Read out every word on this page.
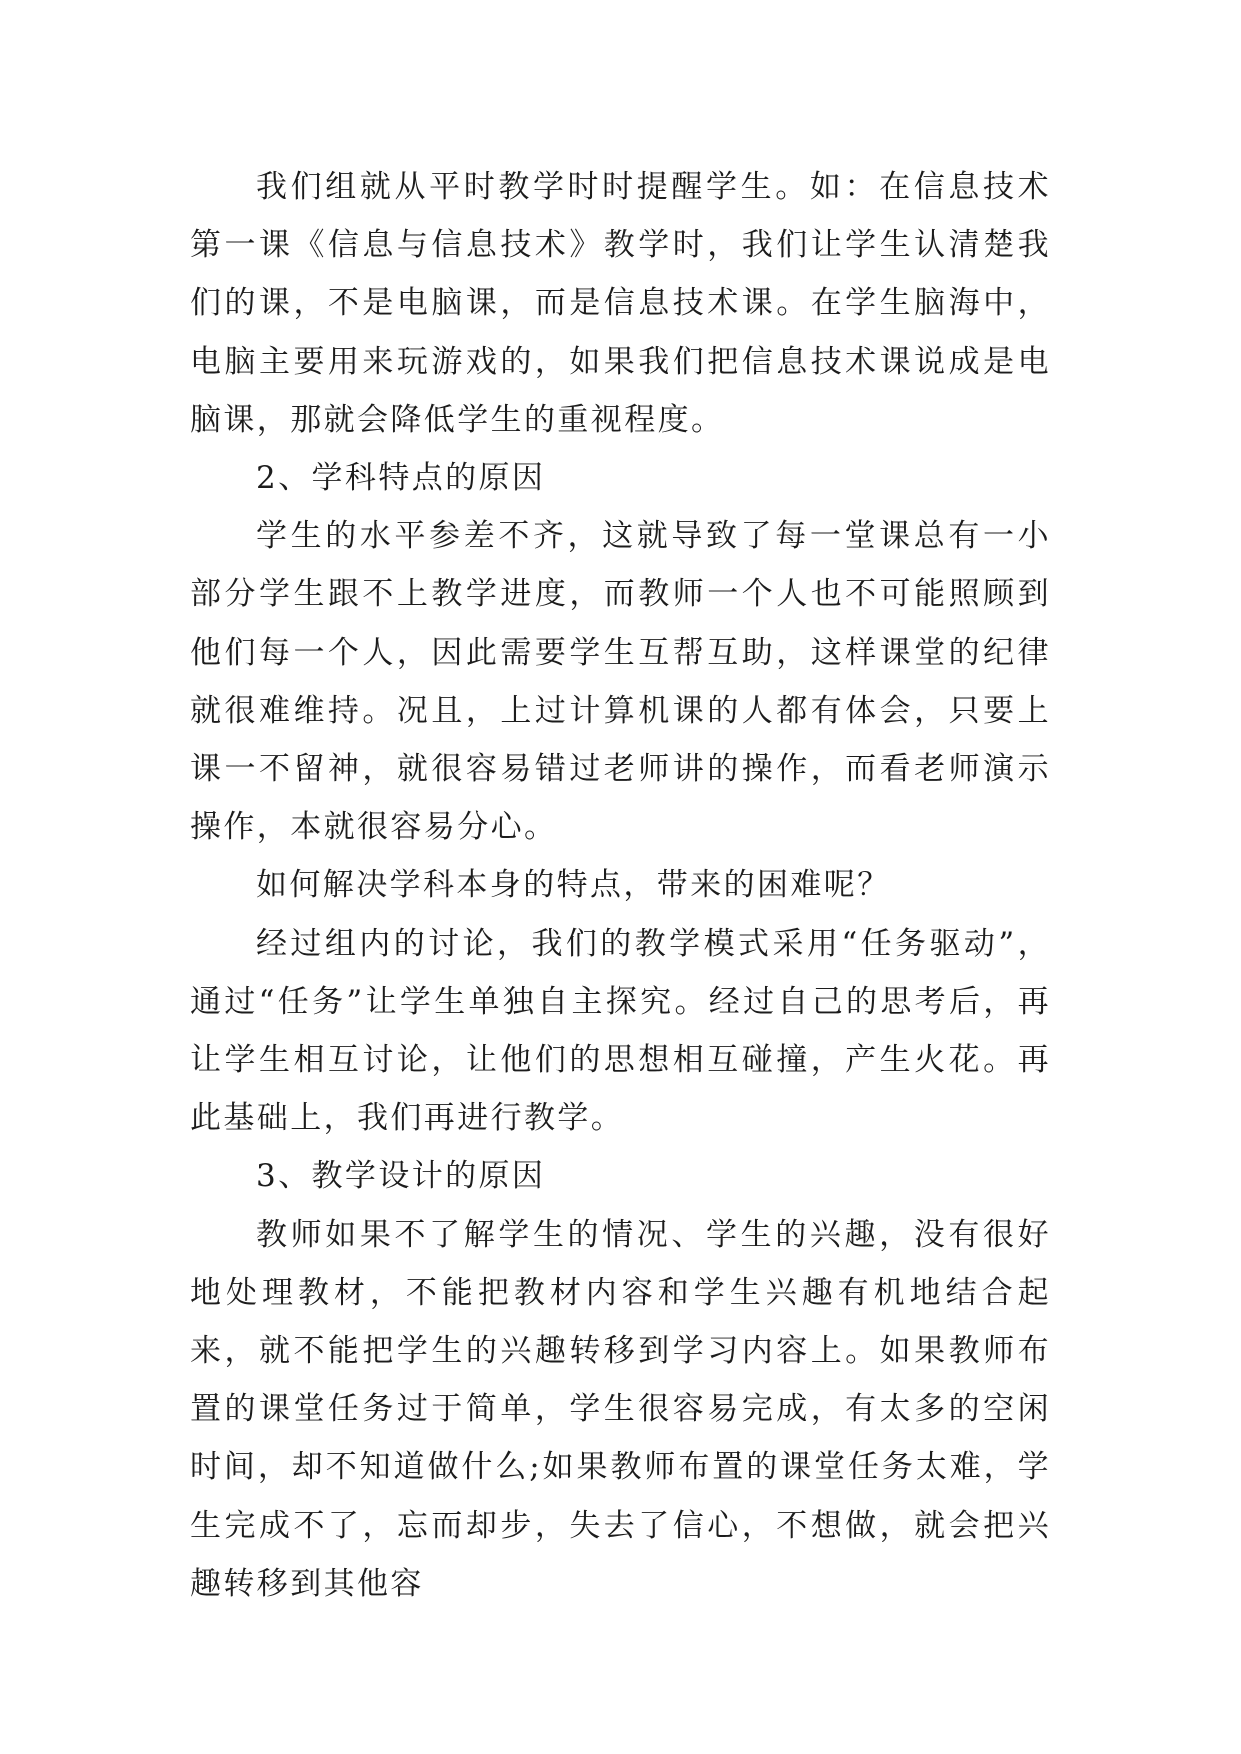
我们组就从平时教学时时提醒学生。如：在信息技术第一课《信息与信息技术》教学时，我们让学生认清楚我们的课，不是电脑课，而是信息技术课。在学生脑海中，电脑主要用来玩游戏的，如果我们把信息技术课说成是电脑课，那就会降低学生的重视程度。

2、学科特点的原因

学生的水平参差不齐，这就导致了每一堂课总有一小部分学生跟不上教学进度，而教师一个人也不可能照顾到他们每一个人，因此需要学生互帮互助，这样课堂的纪律就很难维持。况且，上过计算机课的人都有体会，只要上课一不留神，就很容易错过老师讲的操作，而看老师演示操作，本就很容易分心。

如何解决学科本身的特点，带来的困难呢？

经过组内的讨论，我们的教学模式采用“任务驱动”，通过“任务”让学生单独自主探究。经过自己的思考后，再让学生相互讨论，让他们的思想相互碰撞，产生火花。再此基础上，我们再进行教学。

3、教学设计的原因

教师如果不了解学生的情况、学生的兴趣，没有很好地处理教材，不能把教材内容和学生兴趣有机地结合起来，就不能把学生的兴趣转移到学习内容上。如果教师布置的课堂任务过于简单，学生很容易完成，有太多的空闲时间，却不知道做什么;如果教师布置的课堂任务太难，学生完成不了，忘而却步，失去了信心，不想做，就会把兴趣转移到其他容
